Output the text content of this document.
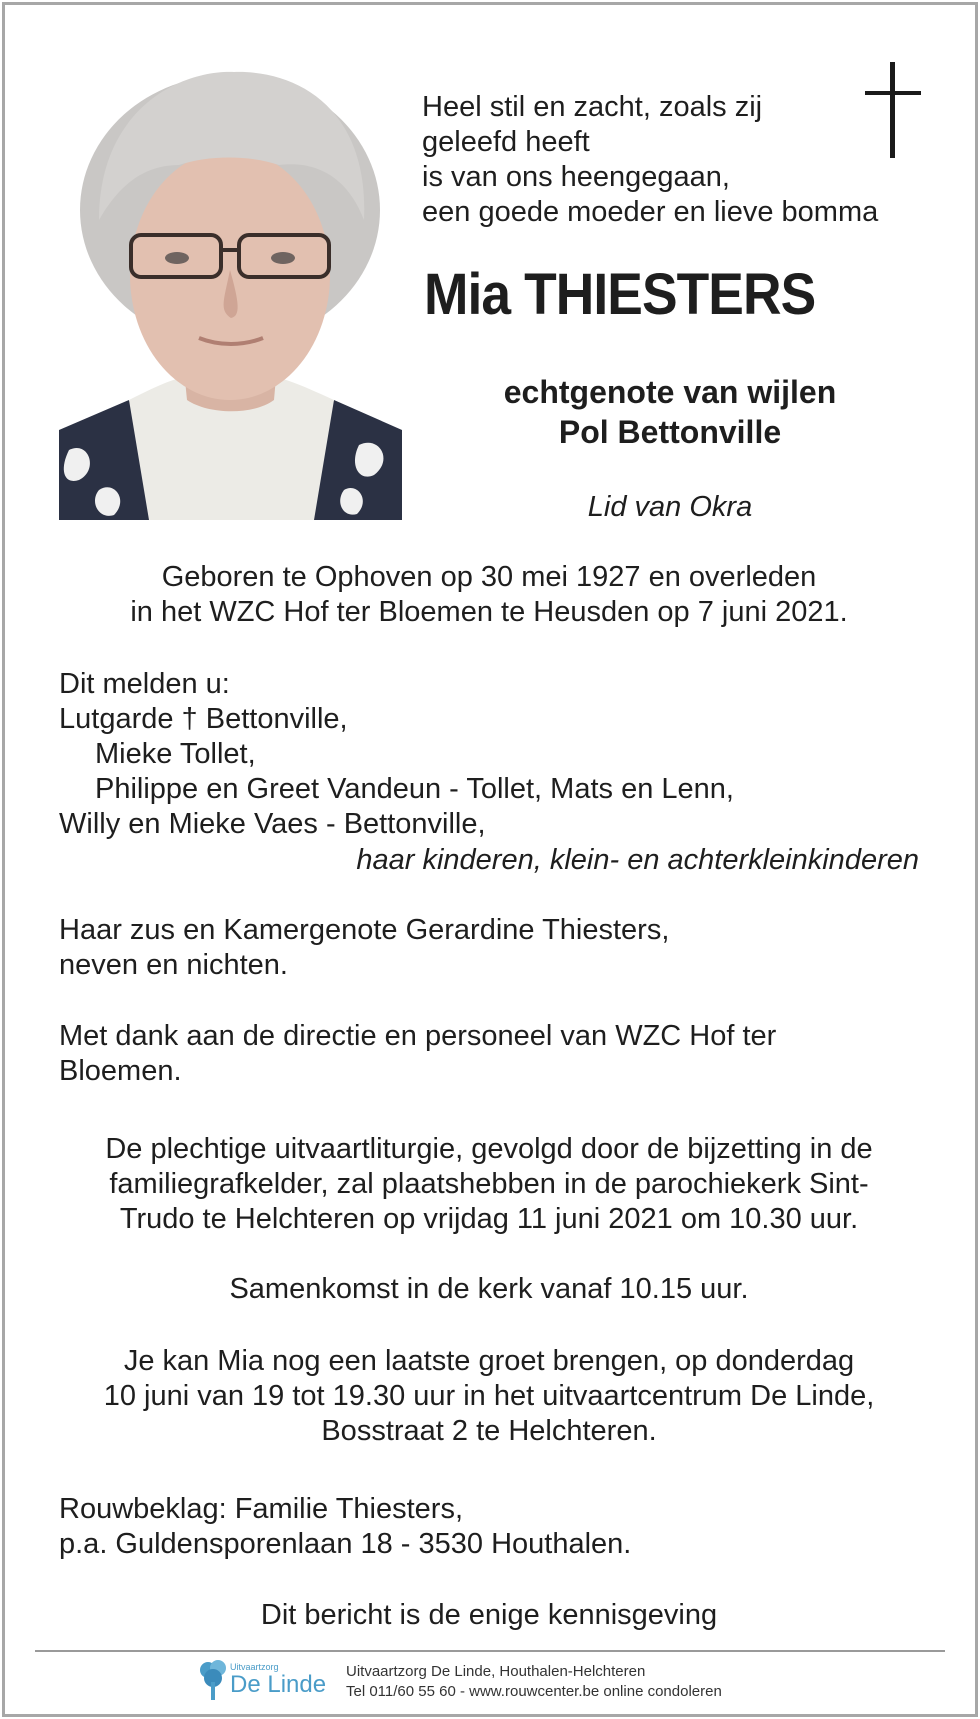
Heel stil en zacht, zoals zij
geleefd heeft
is van ons heengegaan,
een goede moeder en lieve bomma
Mia THIESTERS
echtgenote van wijlen
Pol Bettonville
Lid van Okra
Geboren te Ophoven op 30 mei 1927 en overleden
in het WZC Hof ter Bloemen te Heusden op 7 juni 2021.
Dit melden u:
Lutgarde † Bettonville,
Mieke Tollet,
Philippe en Greet Vandeun - Tollet, Mats en Lenn,
Willy en Mieke Vaes - Bettonville,
haar kinderen, klein- en achterkleinkinderen
Haar zus en Kamergenote Gerardine Thiesters,
neven en nichten.
Met dank aan de directie en personeel van WZC Hof ter
Bloemen.
De plechtige uitvaartliturgie, gevolgd door de bijzetting in de
familiegrafkelder, zal plaatshebben in de parochiekerk Sint-
Trudo te Helchteren op vrijdag 11 juni 2021 om 10.30 uur.
Samenkomst in de kerk vanaf 10.15 uur.
Je kan Mia nog een laatste groet brengen, op donderdag
10 juni van 19 tot 19.30 uur in het uitvaartcentrum De Linde,
Bosstraat 2 te Helchteren.
Rouwbeklag: Familie Thiesters,
p.a. Guldensporenlaan 18 - 3530 Houthalen.
Dit bericht is de enige kennisgeving
Uitvaartzorg
De Linde Uitvaartzorg De Linde, Houthalen-Helchteren
Tel 011/60 55 60 - www.rouwcenter.be online condoleren
